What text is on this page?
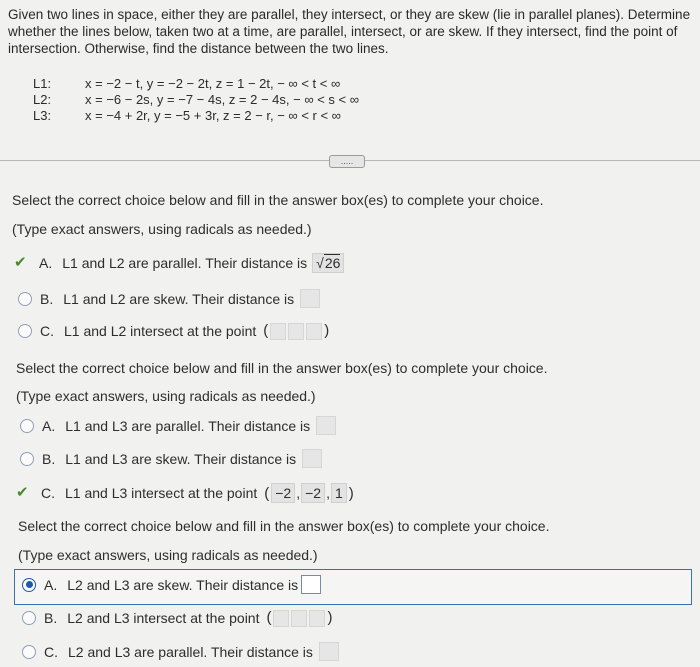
Given two lines in space, either they are parallel, they intersect, or they are skew (lie in parallel planes). Determine whether the lines below, taken two at a time, are parallel, intersect, or are skew. If they intersect, find the point of intersection. Otherwise, find the distance between the two lines.
L1:	x = −2 − t, y = −2 − 2t, z = 1 − 2t, − ∞ < t < ∞
L2:	x = −6 − 2s, y = −7 − 4s, z = 2 − 4s, − ∞ < s < ∞
L3:	x = −4 + 2r, y = −5 + 3r, z = 2 − r, − ∞ < r < ∞
.....
Select the correct choice below and fill in the answer box(es) to complete your choice.
(Type exact answers, using radicals as needed.)
✔ A. L1 and L2 are parallel. Their distance is √26
B. L1 and L2 are skew. Their distance is
C. L1 and L2 intersect at the point (	)
Select the correct choice below and fill in the answer box(es) to complete your choice.
(Type exact answers, using radicals as needed.)
A. L1 and L3 are parallel. Their distance is
B. L1 and L3 are skew. Their distance is
✔ C. L1 and L3 intersect at the point ( −2 , −2 , 1 )
Select the correct choice below and fill in the answer box(es) to complete your choice.
(Type exact answers, using radicals as needed.)
A. L2 and L3 are skew. Their distance is
B. L2 and L3 intersect at the point (	)
C. L2 and L3 are parallel. Their distance is
